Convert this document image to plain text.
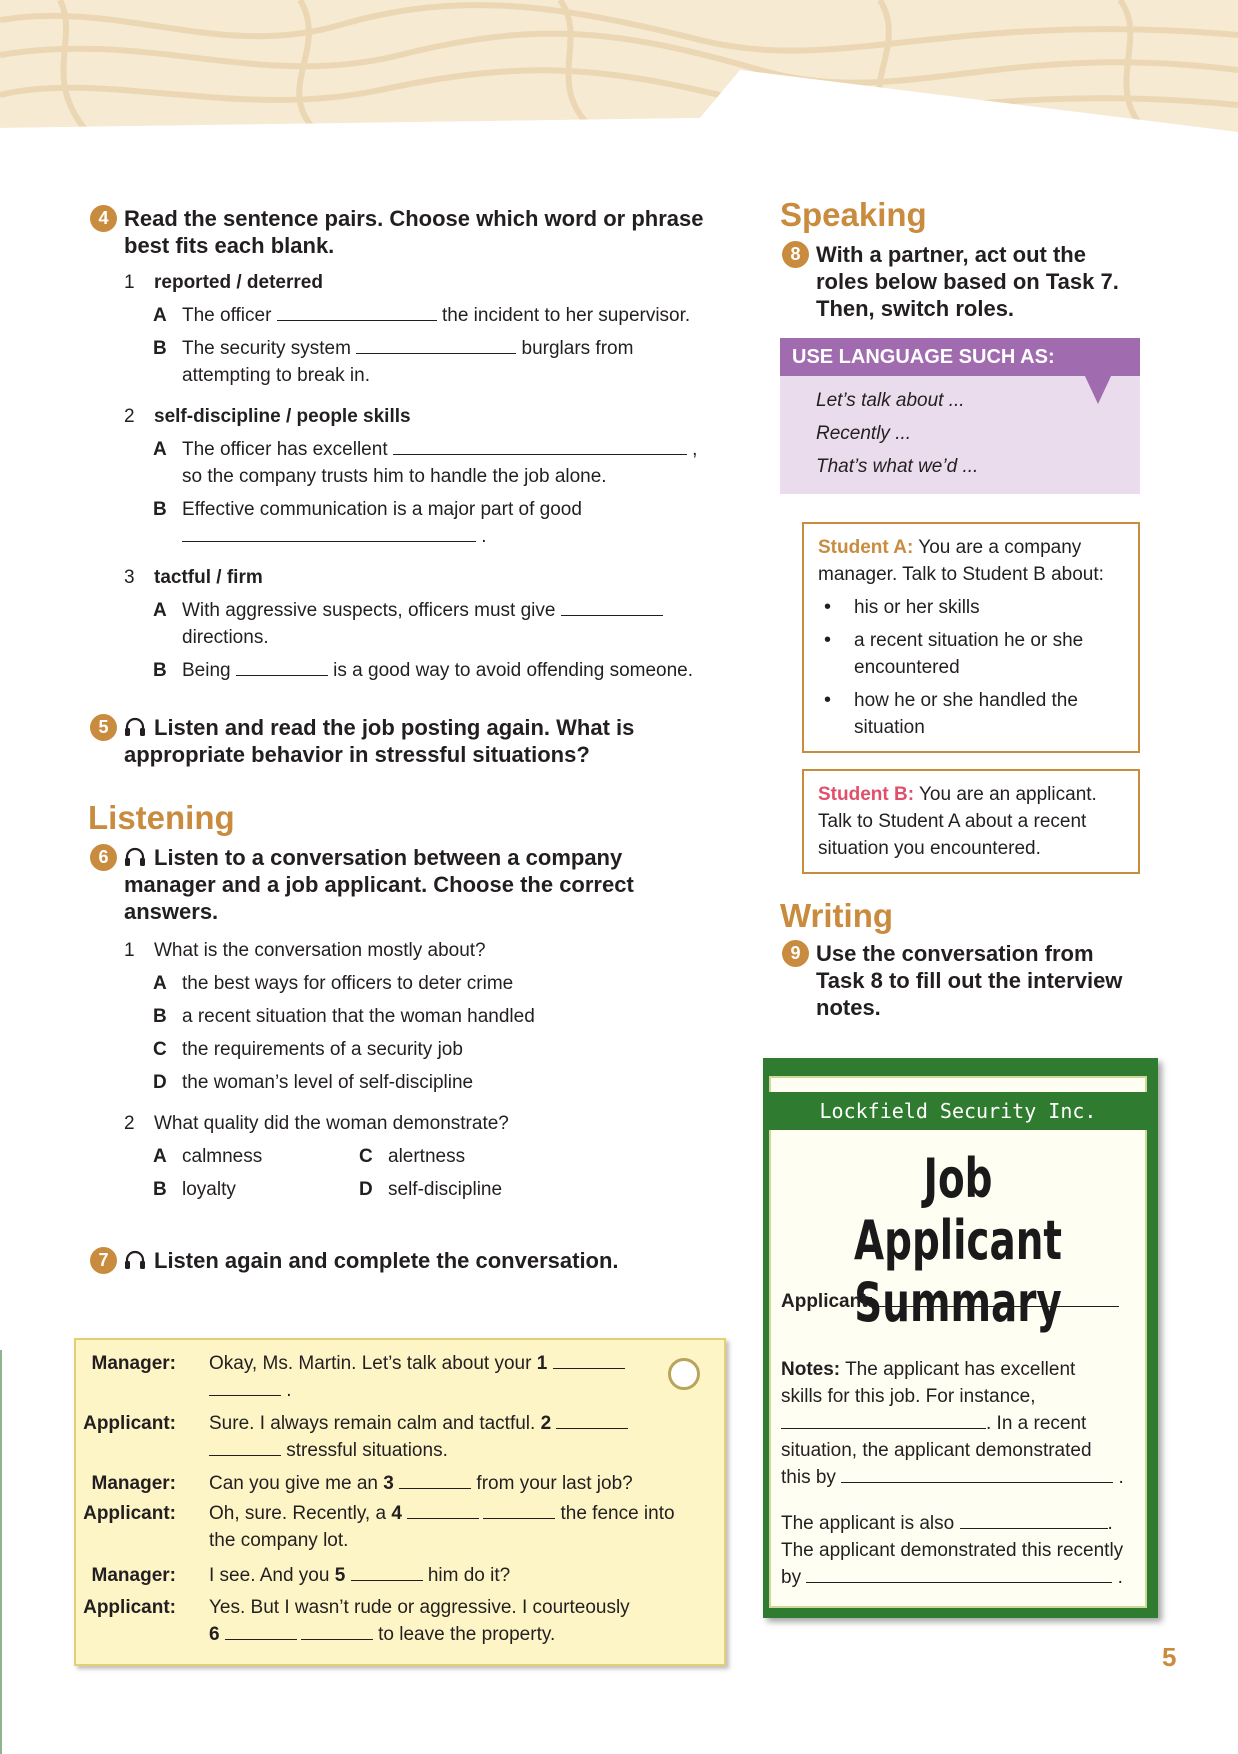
4 Read the sentence pairs. Choose which word or phrase best fits each blank.
1	reported / deterred
A The officer	the incident to her supervisor.
B The security system	burglars from
attempting to break in.
2	self-discipline / people skills
A The officer has excellent	,
so the company trusts him to handle the job alone.
B Effective communication is a major part of good
.
3	tactful / firm
A With aggressive suspects, officers must give
directions.
B Being	is a good way to avoid offending someone.
5	Listen and read the job posting again. What is appropriate behavior in stressful situations?
Listening
6	Listen to a conversation between a company manager and a job applicant. Choose the correct answers.
1	What is the conversation mostly about?
A the best ways for officers to deter crime
B a recent situation that the woman handled
C the requirements of a security job
D the woman’s level of self-discipline
2	What quality did the woman demonstrate?
A calmness	C alertness
B loyalty	D self-discipline
7	Listen again and complete the conversation.
Manager: Okay, Ms. Martin. Let’s talk about your 1
.
Applicant: Sure. I always remain calm and tactful. 2
stressful situations.
Manager: Can you give me an 3	from your last job?
Applicant: Oh, sure. Recently, a 4	the fence into
the company lot.
Manager: I see. And you 5	him do it?
Applicant: Yes. But I wasn’t rude or aggressive. I courteously
6	to leave the property.
Speaking
8 With a partner, act out the roles below based on Task 7. Then, switch roles.
USE LANGUAGE SUCH AS:
Let’s talk about ...
Recently ...
That’s what we’d ...
Student A: You are a company manager. Talk to Student B about:
• his or her skills
• a recent situation he or she encountered
• how he or she handled the situation
Student B: You are an applicant. Talk to Student A about a recent situation you encountered.
Writing
9 Use the conversation from Task 8 to fill out the interview notes.
Lockfield Security Inc.
Job Applicant
Summary
Applicant:
Notes: The applicant has excellent
skills for this job. For instance,
. In a recent
situation, the applicant demonstrated
this by	.
The applicant is also	.
The applicant demonstrated this recently
by	.
5
